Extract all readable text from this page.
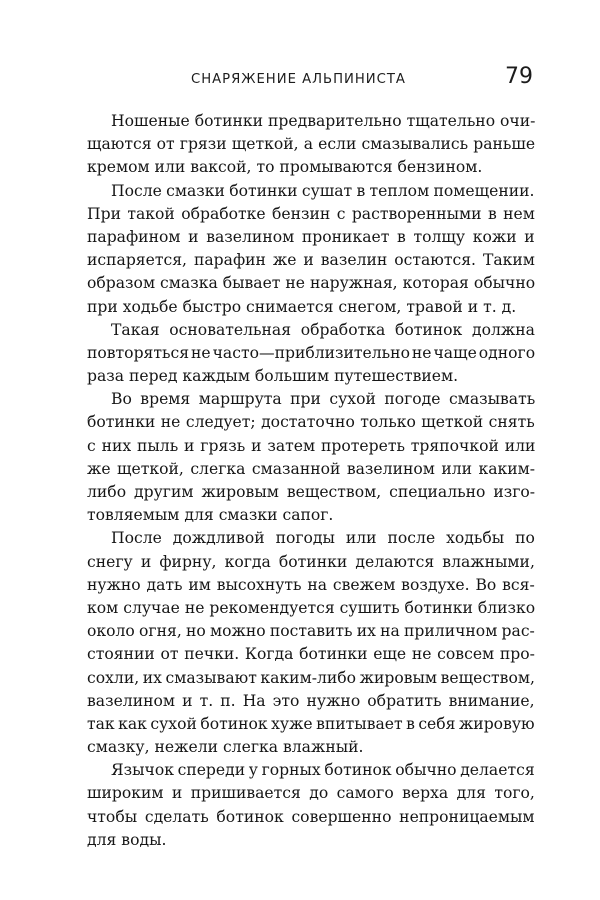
СНАРЯЖЕНИЕ АЛЬПИНИСТА	79
Ношеные ботинки предварительно тщательно очи-
щаются от грязи щеткой, а если смазывались раньше
кремом или ваксой, то промываются бензином.
После смазки ботинки сушат в теплом помещении.
При такой обработке бензин с растворенными в нем
парафином и вазелином проникает в толщу кожи и
испаряется, парафин же и вазелин остаются. Таким
образом смазка бывает не наружная, которая обычно
при ходьбе быстро снимается снегом, травой и т. д.
Такая основательная обработка ботинок должна
повторяться не часто—приблизительно не чаще одного
раза перед каждым большим путешествием.
Во время маршрута при сухой погоде смазывать
ботинки не следует; достаточно только щеткой снять
с них пыль и грязь и затем протереть тряпочкой или
же щеткой, слегка смазанной вазелином или каким-
либо другим жировым веществом, специально изго-
товляемым для смазки сапог.
После дождливой погоды или после ходьбы по
снегу и фирну, когда ботинки делаются влажными,
нужно дать им высохнуть на свежем воздухе. Во вся-
ком случае не рекомендуется сушить ботинки близко
около огня, но можно поставить их на приличном рас-
стоянии от печки. Когда ботинки еще не совсем про-
сохли, их смазывают каким-либо жировым веществом,
вазелином и т. п. На это нужно обратить внимание,
так как сухой ботинок хуже впитывает в себя жировую
смазку, нежели слегка влажный.
Язычок спереди у горных ботинок обычно делается
широким и пришивается до самого верха для того,
чтобы сделать ботинок совершенно непроницаемым
для воды.
